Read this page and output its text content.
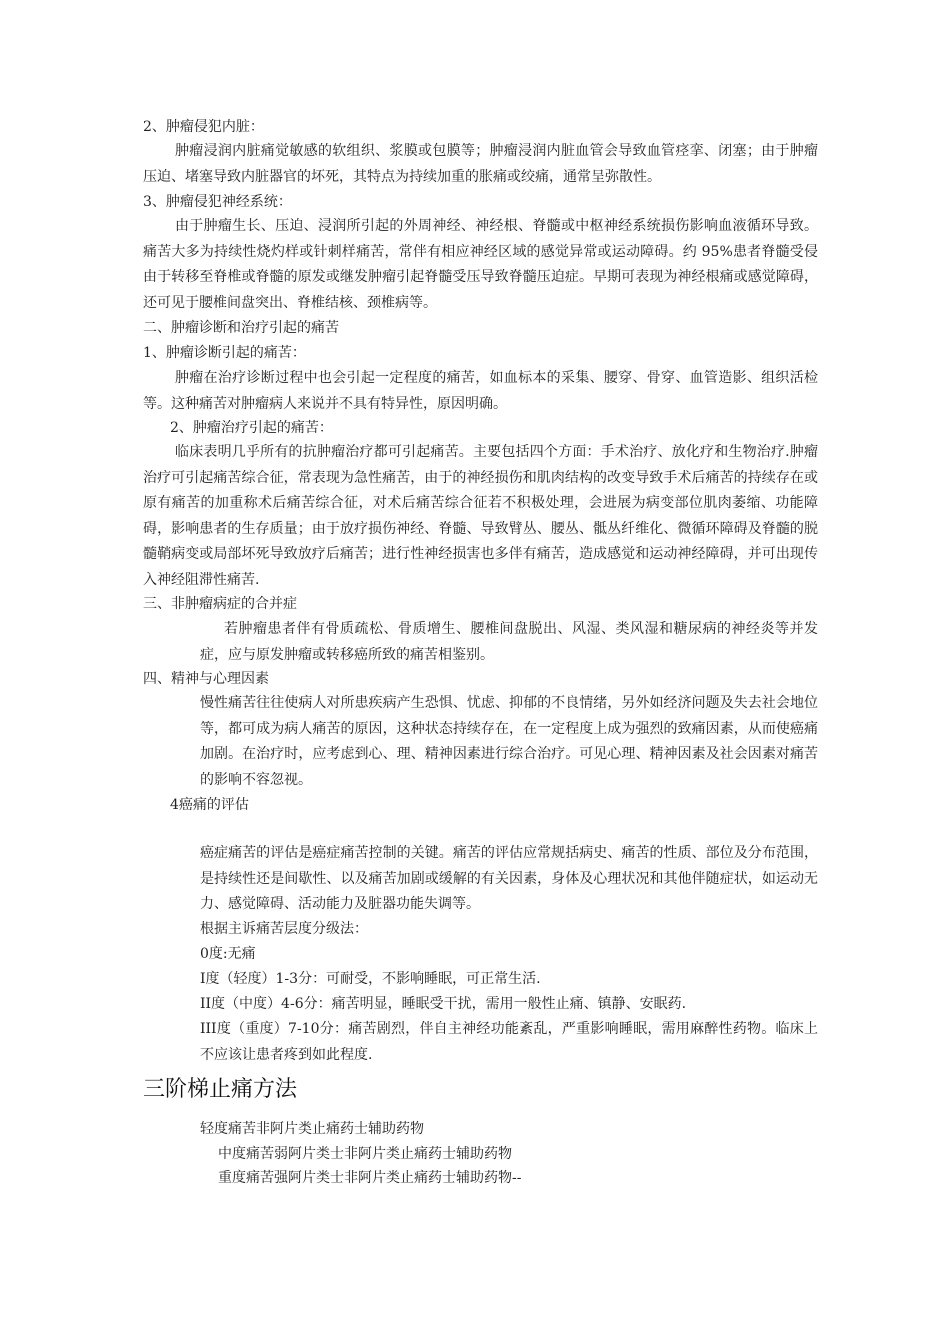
2、肿瘤侵犯内脏：
肿瘤浸润内脏痛觉敏感的软组织、浆膜或包膜等；肿瘤浸润内脏血管会导致血管痉挛、闭塞；由于肿瘤压迫、堵塞导致内脏器官的坏死，其特点为持续加重的胀痛或绞痛，通常呈弥散性。
3、肿瘤侵犯神经系统：
由于肿瘤生长、压迫、浸润所引起的外周神经、神经根、脊髓或中枢神经系统损伤影响血液循环导致。痛苦大多为持续性烧灼样或针刺样痛苦，常伴有相应神经区域的感觉异常或运动障碍。约 95%患者脊髓受侵由于转移至脊椎或脊髓的原发或继发肿瘤引起脊髓受压导致脊髓压迫症。早期可表现为神经根痛或感觉障碍，还可见于腰椎间盘突出、脊椎结核、颈椎病等。
二、肿瘤诊断和治疗引起的痛苦
1、肿瘤诊断引起的痛苦：
肿瘤在治疗诊断过程中也会引起一定程度的痛苦，如血标本的采集、腰穿、骨穿、血管造影、组织活检等。这种痛苦对肿瘤病人来说并不具有特异性，原因明确。
2、肿瘤治疗引起的痛苦：
临床表明几乎所有的抗肿瘤治疗都可引起痛苦。主要包括四个方面：手术治疗、放化疗和生物治疗.肿瘤治疗可引起痛苦综合征，常表现为急性痛苦，由于的神经损伤和肌肉结构的改变导致手术后痛苦的持续存在或原有痛苦的加重称术后痛苦综合征，对术后痛苦综合征若不积极处理，会进展为病变部位肌肉萎缩、功能障碍，影响患者的生存质量；由于放疗损伤神经、脊髓、导致臂丛、腰丛、骶丛纤维化、微循环障碍及脊髓的脱髓鞘病变或局部坏死导致放疗后痛苦；进行性神经损害也多伴有痛苦，造成感觉和运动神经障碍，并可出现传入神经阻滞性痛苦.
三、非肿瘤病症的合并症
若肿瘤患者伴有骨质疏松、骨质增生、腰椎间盘脱出、风湿、类风湿和糖尿病的神经炎等并发症，应与原发肿瘤或转移癌所致的痛苦相鉴别。
四、精神与心理因素
慢性痛苦往往使病人对所患疾病产生恐惧、忧虑、抑郁的不良情绪，另外如经济问题及失去社会地位等，都可成为病人痛苦的原因，这种状态持续存在，在一定程度上成为强烈的致痛因素，从而使癌痛加剧。在治疗时，应考虑到心、理、精神因素进行综合治疗。可见心理、精神因素及社会因素对痛苦的影响不容忽视。
4癌痛的评估
癌症痛苦的评估是癌症痛苦控制的关键。痛苦的评估应常规括病史、痛苦的性质、部位及分布范围，是持续性还是间歇性、以及痛苦加剧或缓解的有关因素，身体及心理状况和其他伴随症状，如运动无力、感觉障碍、活动能力及脏器功能失调等。
根据主诉痛苦层度分级法：
0度:无痛
I度（轻度）1-3分：可耐受，不影响睡眠，可正常生活.
II度（中度）4-6分：痛苦明显，睡眠受干扰，需用一般性止痛、镇静、安眠药.
III度（重度）7-10分：痛苦剧烈，伴自主神经功能紊乱，严重影响睡眠，需用麻醉性药物。临床上不应该让患者疼到如此程度.
三阶梯止痛方法
轻度痛苦非阿片类止痛药士辅助药物
中度痛苦弱阿片类士非阿片类止痛药士辅助药物
重度痛苦强阿片类士非阿片类止痛药士辅助药物--
